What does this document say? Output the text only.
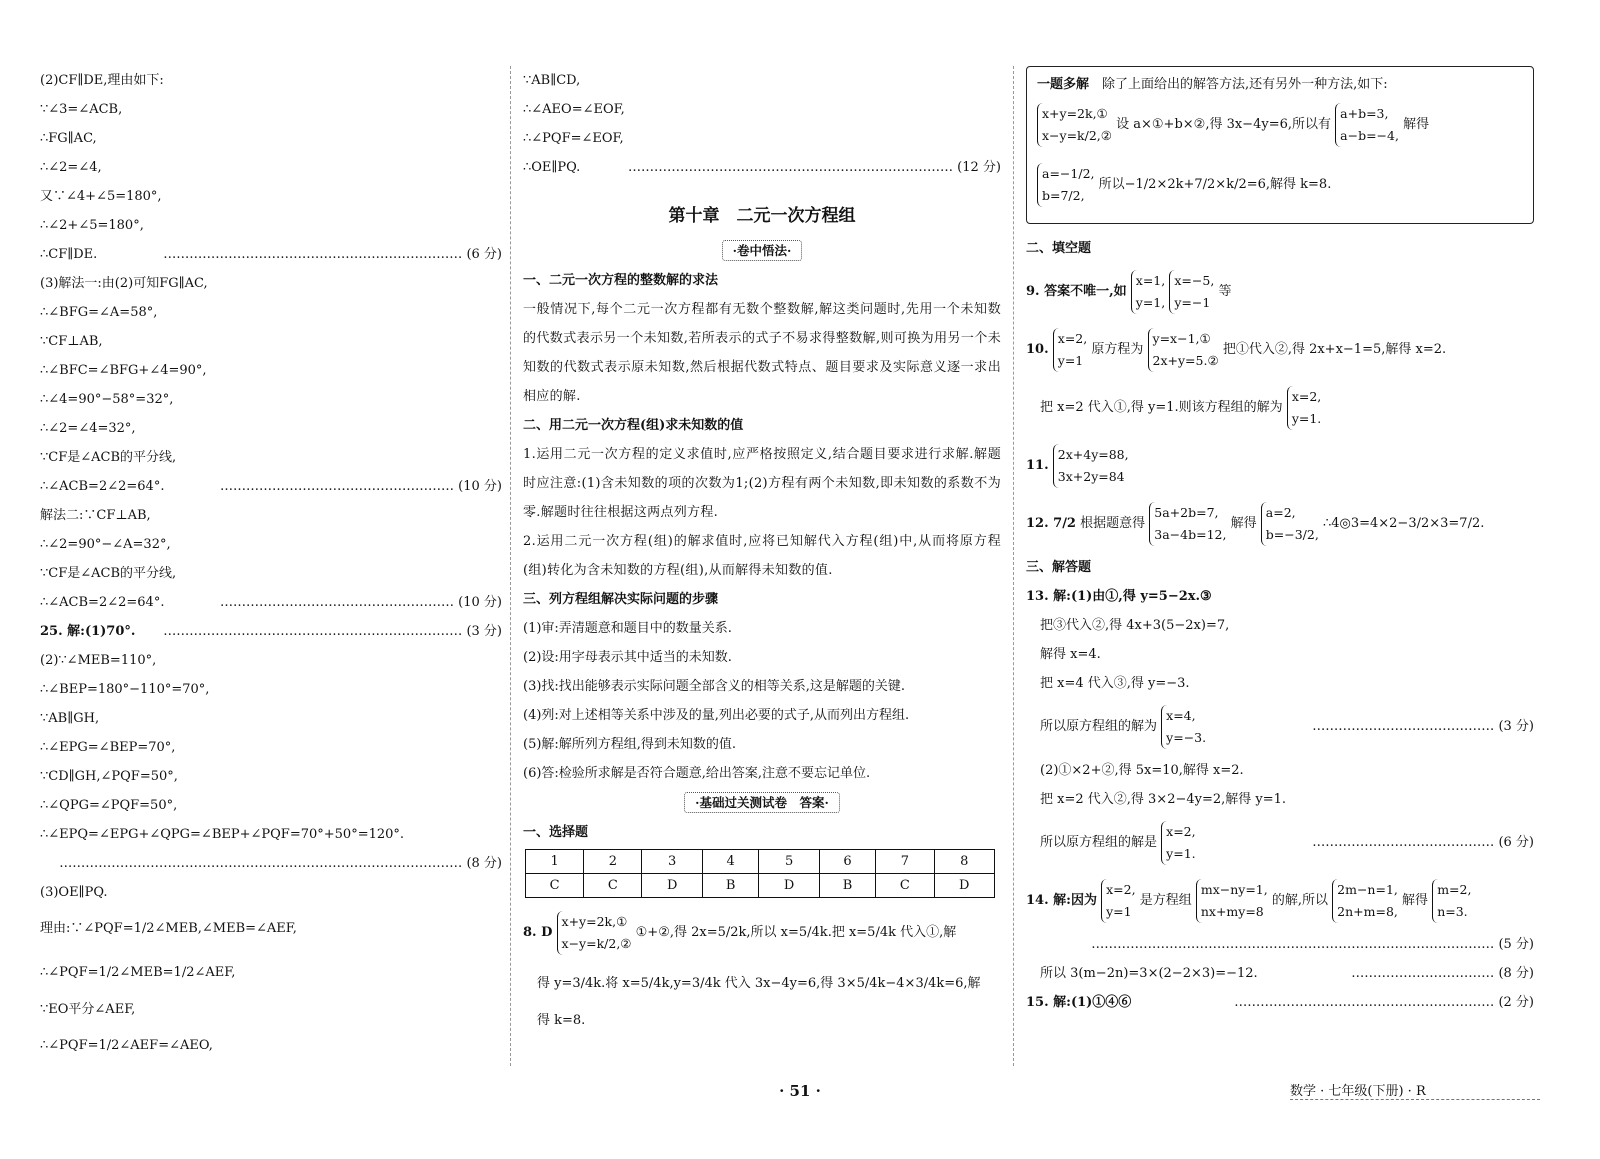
(2)CF∥DE,理由如下:
∵∠3=∠ACB,
∴FG∥AC,
∴∠2=∠4,
又∵∠4+∠5=180°,
∴∠2+∠5=180°,
∴CF∥DE.	…………………………………………………………… (6 分)
(3)解法一:由(2)可知FG∥AC,
∴∠BFG=∠A=58°,
∵CF⊥AB,
∴∠BFC=∠BFG+∠4=90°,
∴∠4=90°−58°=32°,
∴∠2=∠4=32°,
∵CF是∠ACB的平分线,
∴∠ACB=2∠2=64°.	……………………………………………… (10 分)
解法二:∵CF⊥AB,
∴∠2=90°−∠A=32°,
∵CF是∠ACB的平分线,
∴∠ACB=2∠2=64°.	……………………………………………… (10 分)
25. 解:(1)70°. …………………………………………………………… (3 分)
(2)∵∠MEB=110°,
∴∠BEP=180°−110°=70°,
∵AB∥GH,
∴∠EPG=∠BEP=70°,
∵CD∥GH,∠PQF=50°,
∴∠QPG=∠PQF=50°,
∴∠EPQ=∠EPG+∠QPG=∠BEP+∠PQF=70°+50°=120°.
………………………………………………………………………………… (8 分)
(3)OE∥PQ.
理由:∵∠PQF=1/2∠MEB,∠MEB=∠AEF,
∴∠PQF=1/2∠MEB=1/2∠AEF,
∵EO平分∠AEF,
∴∠PQF=1/2∠AEF=∠AEO,
∵AB∥CD,
∴∠AEO=∠EOF,
∴∠PQF=∠EOF,
∴OE∥PQ.	………………………………………………………………… (12 分)
第十章　二元一次方程组
·卷中悟法·
一、二元一次方程的整数解的求法
一般情况下,每个二元一次方程都有无数个整数解,解这类问题时,先用一个未知数的代数式表示另一个未知数,若所表示的式子不易求得整数解,则可换为用另一个未知数的代数式表示原未知数,然后根据代数式特点、题目要求及实际意义逐一求出相应的解.
二、用二元一次方程(组)求未知数的值
1.运用二元一次方程的定义求值时,应严格按照定义,结合题目要求进行求解.解题时应注意:(1)含未知数的项的次数为1;(2)方程有两个未知数,即未知数的系数不为零.解题时往往根据这两点列方程.
2.运用二元一次方程(组)的解求值时,应将已知解代入方程(组)中,从而将原方程(组)转化为含未知数的方程(组),从而解得未知数的值.
三、列方程组解决实际问题的步骤
(1)审:弄清题意和题目中的数量关系.
(2)设:用字母表示其中适当的未知数.
(3)找:找出能够表示实际问题全部含义的相等关系,这是解题的关键.
(4)列:对上述相等关系中涉及的量,列出必要的式子,从而列出方程组.
(5)解:解所列方程组,得到未知数的值.
(6)答:检验所求解是否符合题意,给出答案,注意不要忘记单位.
·基础过关测试卷　答案·
一、选择题
1	2	3	4	5	6	7	8
C	C	D	B	D	B	C	D
8. D
x+y=2k,①
x−y=k/2,②
①+②,得 2x=5/2k,所以 x=5/4k.把 x=5/4k 代入①,解
得 y=3/4k.将 x=5/4k,y=3/4k 代入 3x−4y=6,得 3×5/4k−4×3/4k=6,解
得 k=8.
一题多解　 除了上面给出的解答方法,还有另外一种方法,如下:
x+y=2k,①
x−y=k/2,②
设 a×①+b×②,得 3x−4y=6,所以有
a+b=3,
a−b=−4,
解得
a=−1/2,
b=7/2,
所以−1/2×2k+7/2×k/2=6,解得 k=8.
二、填空题
9. 答案不唯一,如
x=1,
y=1,

x=−5,
y=−1
等
10.
x=2,
y=1
原方程为
y=x−1,①
2x+y=5.②
把①代入②,得 2x+x−1=5,解得 x=2.
把 x=2 代入①,得 y=1.则该方程组的解为
x=2,
y=1.
11.
2x+4y=88,
3x+2y=84
12. 7/2 根据题意得
5a+2b=7,
3a−4b=12,
解得
a=2,
b=−3/2,
∴4◎3=4×2−3/2×3=7/2.
三、解答题
13. 解:(1)由①,得 y=5−2x.③
把③代入②,得 4x+3(5−2x)=7,
解得 x=4.
把 x=4 代入③,得 y=−3.
所以原方程组的解为
x=4,
y=−3.
…………………………………… (3 分)
(2)①×2+②,得 5x=10,解得 x=2.
把 x=2 代入②,得 3×2−4y=2,解得 y=1.
所以原方程组的解是
x=2,
y=1.
…………………………………… (6 分)
14. 解:因为
x=2,
y=1
是方程组
mx−ny=1,
nx+my=8
的解,所以
2m−n=1,
2n+m=8,
解得
m=2,
n=3.
………………………………………………………………………………… (5 分)
所以 3(m−2n)=3×(2−2×3)=−12.	…………………………… (8 分)
15. 解:(1)①④⑥	…………………………………………………… (2 分)
· 51 ·	数学 · 七年级(下册) · R
